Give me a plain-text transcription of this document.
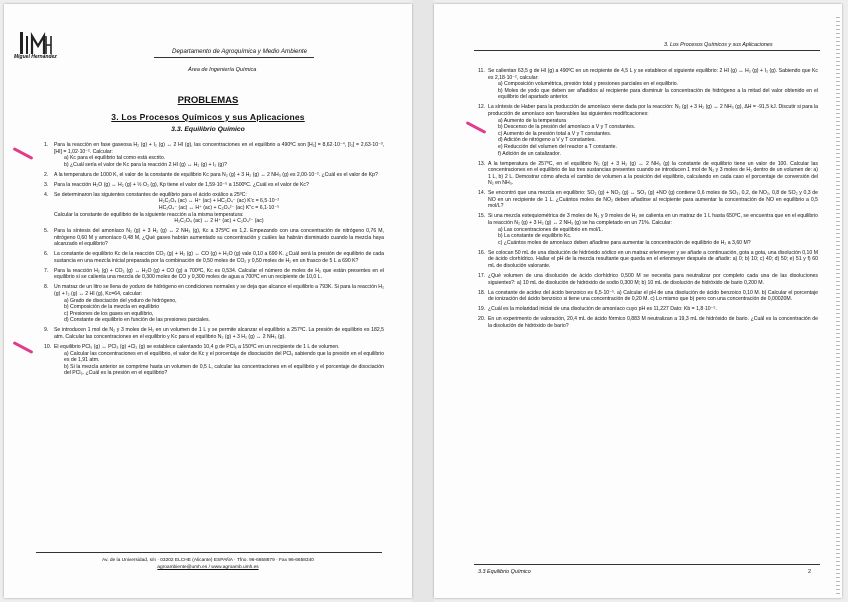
Miguel Hernández
Departamento de Agroquímica y Medio Ambiente
Área de Ingeniería Química
PROBLEMAS
3. Los Procesos Químicos y sus Aplicaciones
3.3. Equilibrio Químico
1. Para la reacción en fase gaseosa H₂ (g) + I₂ (g) ↔ 2 HI (g), las concentraciones en el equilibrio a 490ºC son [H₂] = 8,62·10⁻⁴, [I₂] = 2,63·10⁻³, [HI] = 1,02·10⁻². Calcular:
a) Kc para el equilibrio tal como está escrito.
b) ¿Cuál sería el valor de Kc para la reacción 2 HI (g) ↔ H₂ (g) + I₂ (g)?
2. A la temperatura de 1000 K, el valor de la constante de equilibrio Kc para N₂ (g) + 3 H₂ (g) ↔ 2 NH₃ (g) es 2,00·10⁻². ¿Cuál es el valor de Kp?
3. Para la reacción H₂O (g) ↔ H₂ (g) + ½ O₂ (g), Kp tiene el valor de 1,59·10⁻⁵ a 1500ºC. ¿Cuál es el valor de Kc?
4. Se determinaron las siguientes constantes de equilibrio para el ácido oxálico a 25ºC:
H₂C₂O₄ (ac) ↔ H⁺ (ac) + HC₂O₄⁻ (ac) K'c = 6,5·10⁻²
HC₂O₄⁻ (ac) ↔ H⁺ (ac) + C₂O₄²⁻ (ac) K''c = 6,1·10⁻⁵
Calcular la constante de equilibrio de la siguiente reacción a la misma temperatura:
H₂C₂O₄ (ac) ↔ 2 H⁺ (ac) + C₂O₄²⁻ (ac)
5. Para la síntesis del amoníaco N₂ (g) + 3 H₂ (g) ↔ 2 NH₃ (g), Kc a 375ºC es 1,2. Empezando con una concentración de nitrógeno 0,76 M, nitrógeno 0,60 M y amoníaco 0,48 M, ¿Qué gases habrán aumentado su concentración y cuáles las habrán disminuido cuando la mezcla haya alcanzado el equilibrio?
6. La constante de equilibrio Kc de la reacción CO₂ (g) + H₂ (g) ↔ CO (g) + H₂O (g) vale 0,10 a 690 K. ¿Cuál será la presión de equilibrio de cada sustancia en una mezcla inicial preparada por la combinación de 0,50 moles de CO₂ y 0,50 moles de H₂ en un frasco de 5 L a 690 K?
7. Para la reacción H₂ (g) + CO₂ (g) ↔ H₂O (g) + CO (g) a 700ºC, Kc es 0,534. Calcular el número de moles de H₂ que están presentes en el equilibrio si se calienta una mezcla de 0,300 moles de CO y 0,300 moles de agua a 700ºC en un recipiente de 10,0 L.
8. Un matraz de un litro se llena de yoduro de hidrógeno en condiciones normales y se deja que alcance el equilibrio a 793K. Si para la reacción H₂ (g) + I₂ (g) ↔ 2 HI (g), Kc=64, calcular:
a) Grado de disociación del yoduro de hidrógeno,
b) Composición de la mezcla en equilibrio
c) Presiones de los gases en equilibrio,
d) Constante de equilibrio en función de las presiones parciales.
9. Se introducen 1 mol de N₂ y 3 moles de H₂ en un volumen de 1 L y se permite alcanzar el equilibrio a 257ºC. La presión de equilibrio es 182,5 atm. Calcular las concentraciones en el equilibrio y Kc para el equilibrio N₂ (g) + 3 H₂ (g) ↔ 2 NH₃ (g).
10. El equilibrio PCl₅ (g) ↔ PCl₃ (g) +Cl₂ (g) se establece calentando 10,4 g de PCl₅ a 150ºC en un recipiente de 1 L de volumen.
a) Calcular las concentraciones en el equilibrio, el valor de Kc y el porcentaje de disociación del PCl₅ sabiendo que la presión en el equilibrio es de 1,91 atm.
b) Si la mezcla anterior se comprime hasta un volumen de 0,5 L, calcular las concentraciones en el equilibrio y el porcentaje de disociación del PCl₅. ¿Cuál es la presión en el equilibrio?
Av. de la Universidad, s/n · 03202 ELCHE (Alicante) ESPAÑA · Tfno. 96-6658879 · Fax 96-6658340
agroambiente@umh.es / www.agroamb.umh.es
3. Los Procesos Químicos y sus Aplicaciones
11. Se calientan 63,5 g de HI (g) a 490ºC en un recipiente de 4,5 L y se establece el siguiente equilibrio: 2 HI (g) ↔ H₂ (g) + I₂ (g). Sabiendo que Kc es 2,18·10⁻², calcular:
a) Composición volumétrica, presión total y presiones parciales en el equilibrio.
b) Moles de yodo que deben ser añadidos al recipiente para disminuir la concentración de hidrógeno a la mitad del valor obtenido en el equilibrio del apartado anterior.
12. La síntesis de Haber para la producción de amoníaco viene dada por la reacción: N₂ (g) + 3 H₂ (g) ↔ 2 NH₃ (g), ΔH = -91,5 kJ. Discutir si para la producción de amoníaco son favorables las siguientes modificaciones:
a) Aumento de la temperatura
b) Descenso de la presión del amoníaco a V y T constantes.
c) Aumento de la presión total a V y T constantes.
d) Adición de nitrógeno a V y T constantes.
e) Reducción del volumen del reactor a T constante.
f) Adición de un catalizador.
13. A la temperatura de 257ºC, en el equilibrio N₂ (g) + 3 H₂ (g) ↔ 2 NH₃ (g) la constante de equilibrio tiene un valor de 100. Calcular las concentraciones en el equilibrio de las tres sustancias presentes cuando se introducen 1 mol de N₂ y 3 moles de H₂ dentro de un volumen de: a) 1 L, b) 2 L. Demostrar cómo afecta el cambio de volumen a la posición del equilibrio, calculando en cada caso el porcentaje de conversión del N₂ en NH₃.
14. Se encontró que una mezcla en equilibrio: SO₂ (g) + NO₂ (g) ↔ SO₃ (g) +NO (g) contiene 0,6 moles de SO₃, 0,2, de NO₂, 0,8 de SO₂ y 0,3 de NO en un recipiente de 1 L. ¿Cuántos moles de NO₂ deben añadirse al recipiente para aumentar la concentración de NO en equilibrio a 0,5 mol/L?
15. Si una mezcla estequiométrica de 3 moles de N₂ y 9 moles de H₂ se calienta en un matraz de 1 L hasta 650ºC, se encuentra que en el equilibrio la reacción N₂ (g) + 3 H₂ (g) ↔ 2 NH₃ (g) se ha completado en un 71%. Calcular:
a) Las concentraciones de equilibrio en mol/L.
b) La constante de equilibrio Kc.
c) ¿Cuántos moles de amoníaco deben añadirse para aumentar la concentración de equilibrio de H₂ a 3,60 M?
16. Se colocan 50 mL de una disolución de hidróxido sódico en un matraz erlenmeyer y se añade a continuación, gota a gota, una disolución 0,10 M de ácido clorhídrico. Hallar el pH de la mezcla resultante que queda en el erlenmeyer después de añadir: a) 0; b) 10; c) 40; d) 50; e) 51 y f) 60 mL de disolución valorante.
17. ¿Qué volumen de una disolución de ácido clorhídrico 0,500 M se necesita para neutralizar por completo cada una de las disoluciones siguientes?: a) 10 mL de disolución de hidróxido de sodio 0,300 M; b) 10 mL de disolución de hidróxido de bario 0,200 M.
18. La constante de acidez del ácido benzoico es 6,5·10⁻⁵. a) Calcular el pH de una disolución de ácido benzoico 0,10 M. b) Calcular el porcentaje de ionización del ácido benzoico si tiene una concentración de 0,20 M. c) Lo mismo que b) pero con una concentración de 0,00020M.
19. ¿Cuál es la molaridad inicial de una disolución de amoníaco cuyo pH es 11,227 Dato: Kb = 1,8·10⁻⁵.
20. En un experimento de valoración, 20,4 mL de ácido fórmico 0,883 M neutralizan a 19,3 mL de hidróxido de bario. ¿Cuál es la concentración de la disolución de hidróxido de bario?
3.3 Equilibrio Químico	2
